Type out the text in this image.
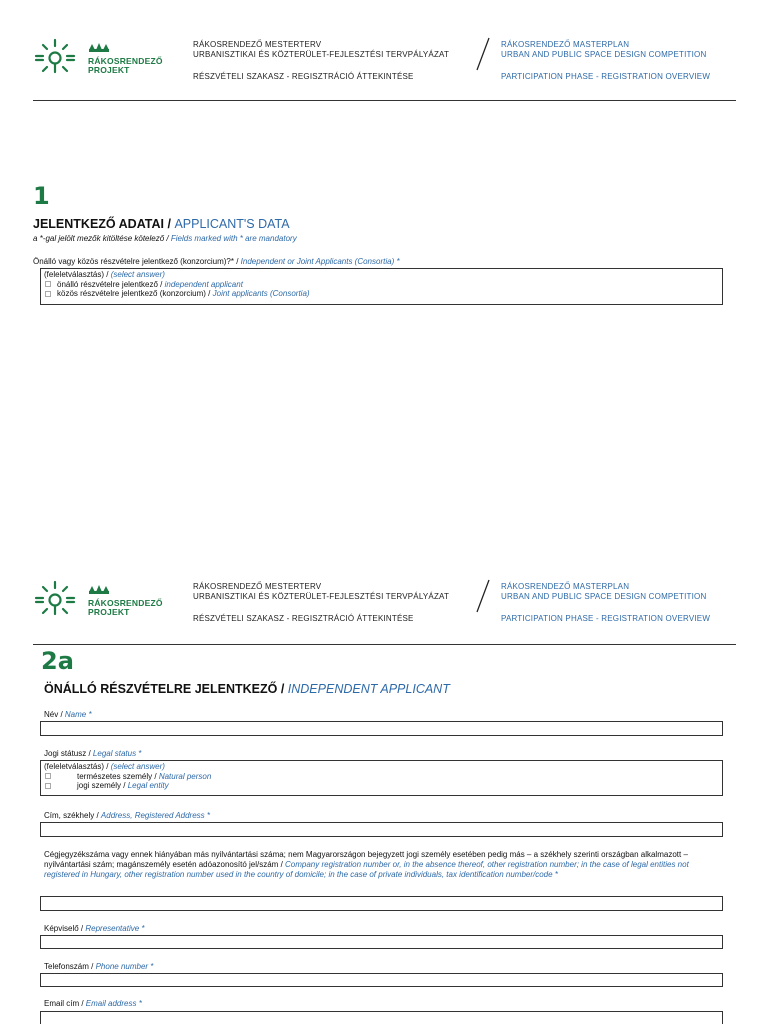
RÁKOSRENDEZŐ
PROJEKT
RÁKOSRENDEZŐ MESTERTERV
URBANISZTIKAI ÉS KÖZTERÜLET-FEJLESZTÉSI TERVPÁLYÁZAT
RÉSZVÉTELI SZAKASZ - REGISZTRÁCIÓ ÁTTEKINTÉSE
RÁKOSRENDEZŐ MASTERPLAN
URBAN AND PUBLIC SPACE DESIGN COMPETITION
PARTICIPATION PHASE - REGISTRATION OVERVIEW
1
JELENTKEZŐ ADATAI / APPLICANT'S DATA
a *-gal jelölt mezők kitöltése kötelező / Fields marked with * are mandatory
Önálló vagy közös részvételre jelentkező (konzorcium)?* / Independent or Joint Applicants (Consortia) *
(feleletválasztás) / (select answer)
önálló részvételre jelentkező / independent applicant
közös részvételre jelentkező (konzorcium) / Joint applicants (Consortia)
RÁKOSRENDEZŐ
PROJEKT
RÁKOSRENDEZŐ MESTERTERV
URBANISZTIKAI ÉS KÖZTERÜLET-FEJLESZTÉSI TERVPÁLYÁZAT
RÉSZVÉTELI SZAKASZ - REGISZTRÁCIÓ ÁTTEKINTÉSE
RÁKOSRENDEZŐ MASTERPLAN
URBAN AND PUBLIC SPACE DESIGN COMPETITION
PARTICIPATION PHASE - REGISTRATION OVERVIEW
2a
ÖNÁLLÓ RÉSZVÉTELRE JELENTKEZŐ / INDEPENDENT APPLICANT
Név / Name *
Jogi státusz / Legal status *
(feleletválasztás) / (select answer)
természetes személy / Natural person
jogi személy / Legal entity
Cím, székhely / Address, Registered Address *
Cégjegyzékszáma vagy ennek hiányában más nyilvántartási száma; nem Magyarországon bejegyzett jogi személy esetében pedig más – a székhely szerinti országban alkalmazott – nyilvántartási szám; magánszemély esetén adóazonosító jel/szám / Company registration number or, in the absence thereof, other registration number; in the case of legal entities not registered in Hungary, other registration number used in the country of domicile; in the case of private individuals, tax identification number/code *
Képviselő / Representative *
Telefonszám / Phone number *
Email cím / Email address *
